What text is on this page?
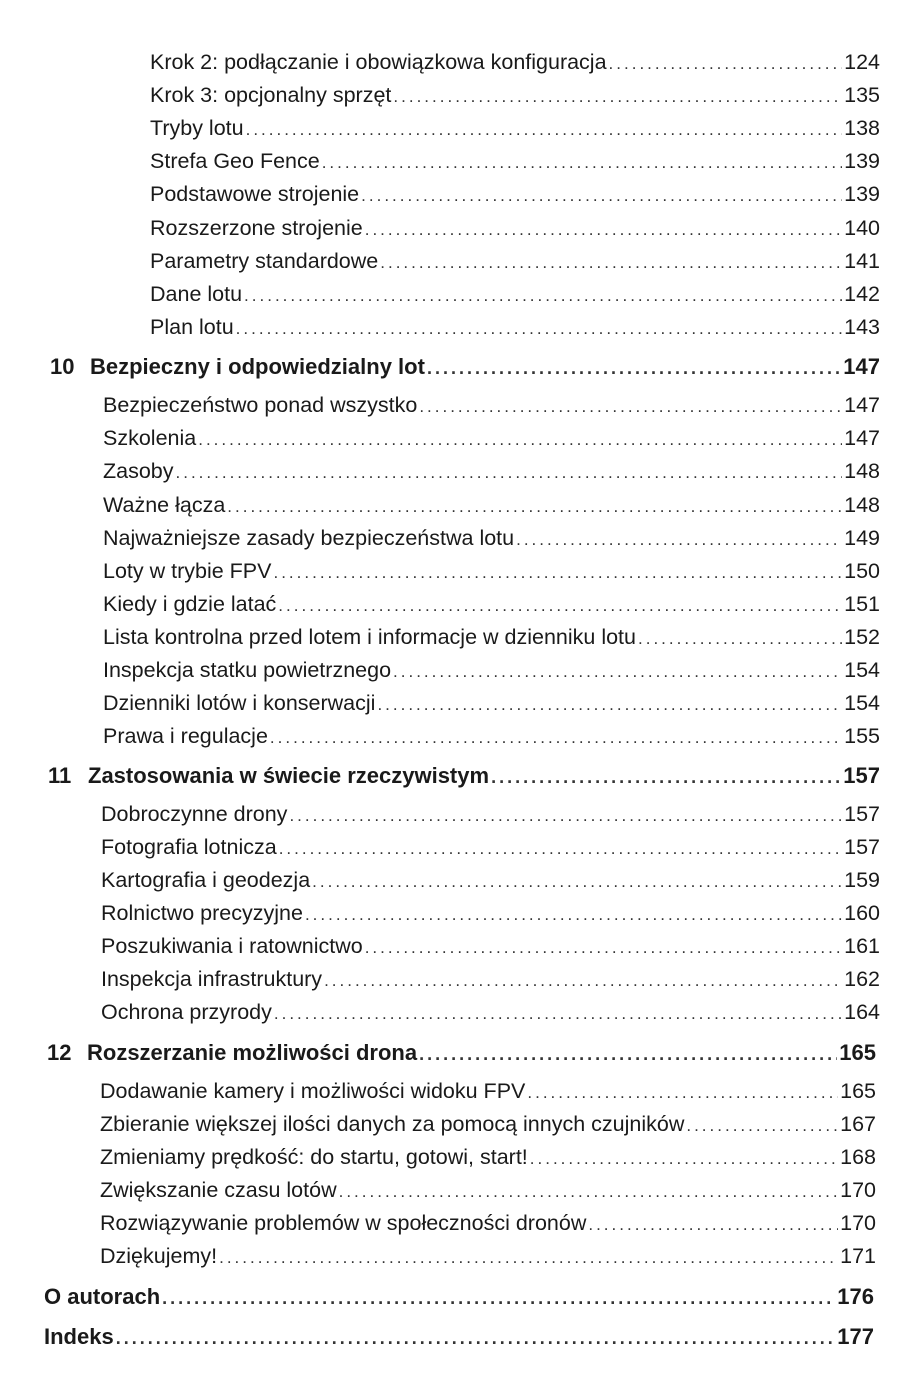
Krok 2: podłączanie i obowiązkowa konfiguracja .....	124
Krok 3: opcjonalny sprzęt .....	135
Tryby lotu .....	138
Strefa Geo Fence .....	139
Podstawowe strojenie .....	139
Rozszerzone strojenie .....	140
Parametry standardowe .....	141
Dane lotu .....	142
Plan lotu .....	143
10 Bezpieczny i odpowiedzialny lot .....	147
Bezpieczeństwo ponad wszystko .....	147
Szkolenia .....	147
Zasoby .....	148
Ważne łącza .....	148
Najważniejsze zasady bezpieczeństwa lotu .....	149
Loty w trybie FPV .....	150
Kiedy i gdzie latać .....	151
Lista kontrolna przed lotem i informacje w dzienniku lotu .....	152
Inspekcja statku powietrznego .....	154
Dzienniki lotów i konserwacji .....	154
Prawa i regulacje .....	155
11 Zastosowania w świecie rzeczywistym .....	157
Dobroczynne drony .....	157
Fotografia lotnicza .....	157
Kartografia i geodezja .....	159
Rolnictwo precyzyjne .....	160
Poszukiwania i ratownictwo .....	161
Inspekcja infrastruktury .....	162
Ochrona przyrody .....	164
12 Rozszerzanie możliwości drona .....	165
Dodawanie kamery i możliwości widoku FPV .....	165
Zbieranie większej ilości danych za pomocą innych czujników .....	167
Zmieniamy prędkość: do startu, gotowi, start! .....	168
Zwiększanie czasu lotów .....	170
Rozwiązywanie problemów w społeczności dronów .....	170
Dziękujemy! .....	171
O autorach .....	176
Indeks .....	177
